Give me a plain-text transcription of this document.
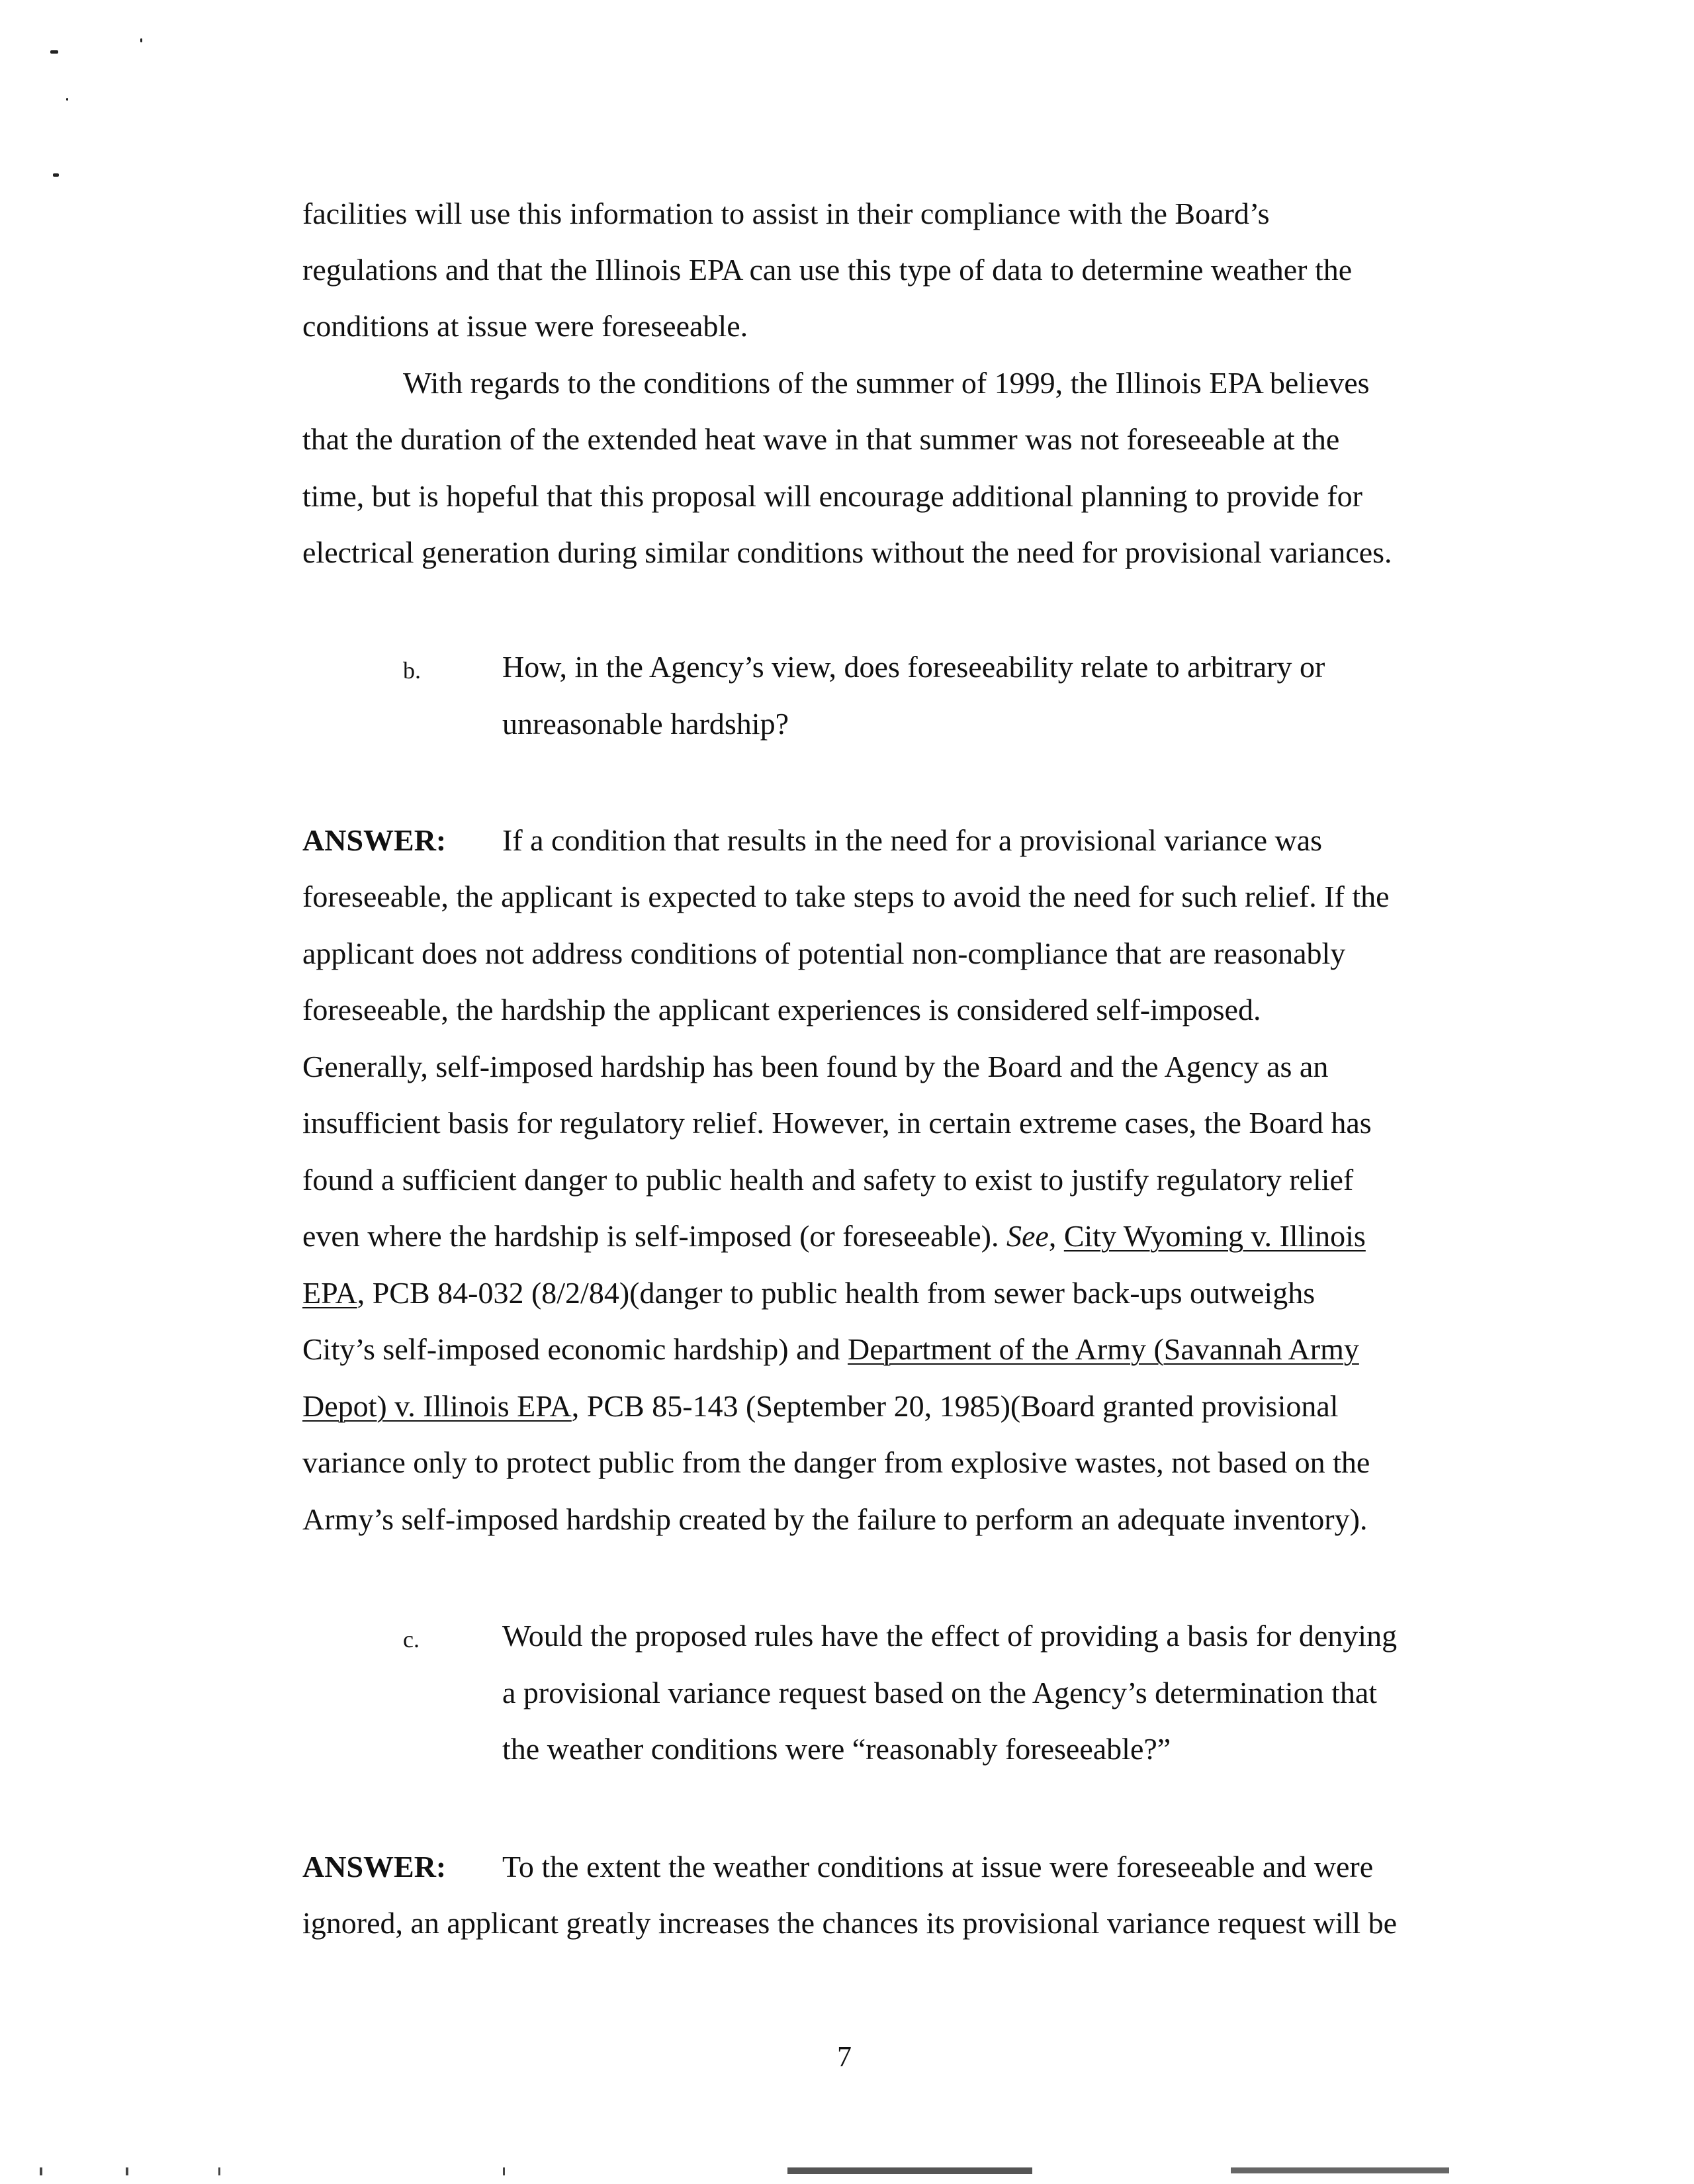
facilities will use this information to assist in their compliance with the Board’s
regulations and that the Illinois EPA can use this type of data to determine weather the
conditions at issue were foreseeable.
With regards to the conditions of the summer of 1999, the Illinois EPA believes
that the duration of the extended heat wave in that summer was not foreseeable at the
time, but is hopeful that this proposal will encourage additional planning to provide for
electrical generation during similar conditions without the need for provisional variances.
b.	How, in the Agency’s view, does foreseeability relate to arbitrary or
unreasonable hardship?
ANSWER: If a condition that results in the need for a provisional variance was
foreseeable, the applicant is expected to take steps to avoid the need for such relief. If the
applicant does not address conditions of potential non-compliance that are reasonably
foreseeable, the hardship the applicant experiences is considered self-imposed.
Generally, self-imposed hardship has been found by the Board and the Agency as an
insufficient basis for regulatory relief. However, in certain extreme cases, the Board has
found a sufficient danger to public health and safety to exist to justify regulatory relief
even where the hardship is self-imposed (or foreseeable). See, City Wyoming v. Illinois
EPA, PCB 84-032 (8/2/84)(danger to public health from sewer back-ups outweighs
City’s self-imposed economic hardship) and Department of the Army (Savannah Army
Depot) v. Illinois EPA, PCB 85-143 (September 20, 1985)(Board granted provisional
variance only to protect public from the danger from explosive wastes, not based on the
Army’s self-imposed hardship created by the failure to perform an adequate inventory).
c.	Would the proposed rules have the effect of providing a basis for denying
a provisional variance request based on the Agency’s determination that
the weather conditions were “reasonably foreseeable?”
ANSWER: To the extent the weather conditions at issue were foreseeable and were
ignored, an applicant greatly increases the chances its provisional variance request will be
7
